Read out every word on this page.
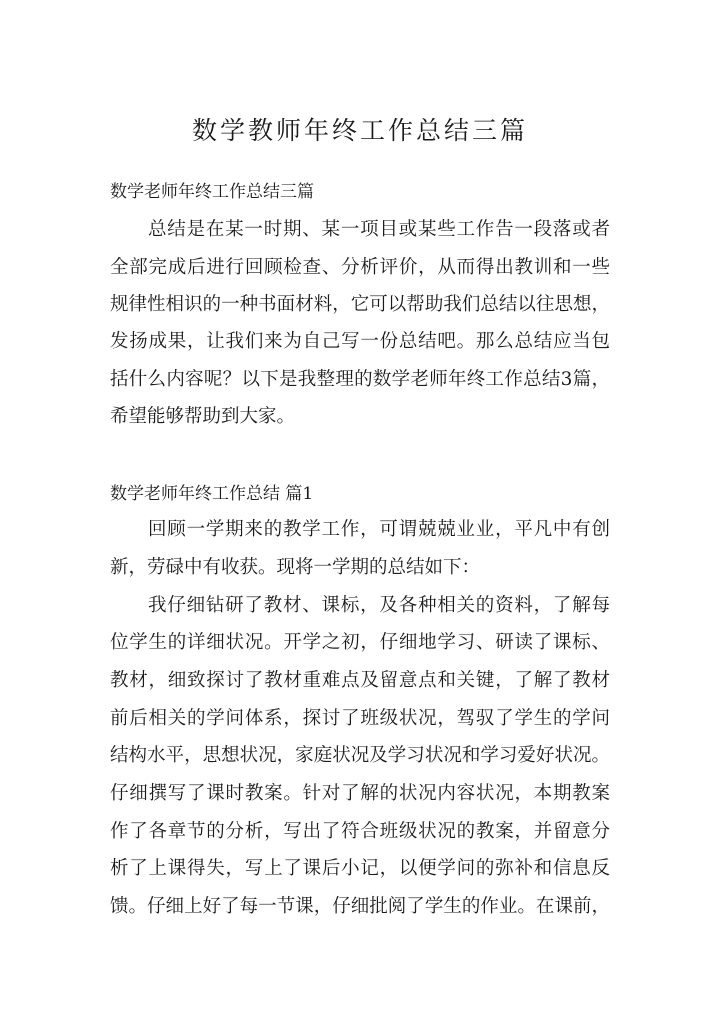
数学教师年终工作总结三篇
数学老师年终工作总结三篇
总结是在某一时期、某一项目或某些工作告一段落或者
全部完成后进行回顾检查、分析评价，从而得出教训和一些
规律性相识的一种书面材料，它可以帮助我们总结以往思想，
发扬成果，让我们来为自己写一份总结吧。那么总结应当包
括什么内容呢？以下是我整理的数学老师年终工作总结3篇，
希望能够帮助到大家。
数学老师年终工作总结 篇1
回顾一学期来的教学工作，可谓兢兢业业，平凡中有创
新，劳碌中有收获。现将一学期的总结如下：
我仔细钻研了教材、课标，及各种相关的资料，了解每
位学生的详细状况。开学之初，仔细地学习、研读了课标、
教材，细致探讨了教材重难点及留意点和关键，了解了教材
前后相关的学问体系，探讨了班级状况，驾驭了学生的学问
结构水平，思想状况，家庭状况及学习状况和学习爱好状况。
仔细撰写了课时教案。针对了解的状况内容状况，本期教案
作了各章节的分析，写出了符合班级状况的教案，并留意分
析了上课得失，写上了课后小记，以便学问的弥补和信息反
馈。仔细上好了每一节课，仔细批阅了学生的作业。在课前，
